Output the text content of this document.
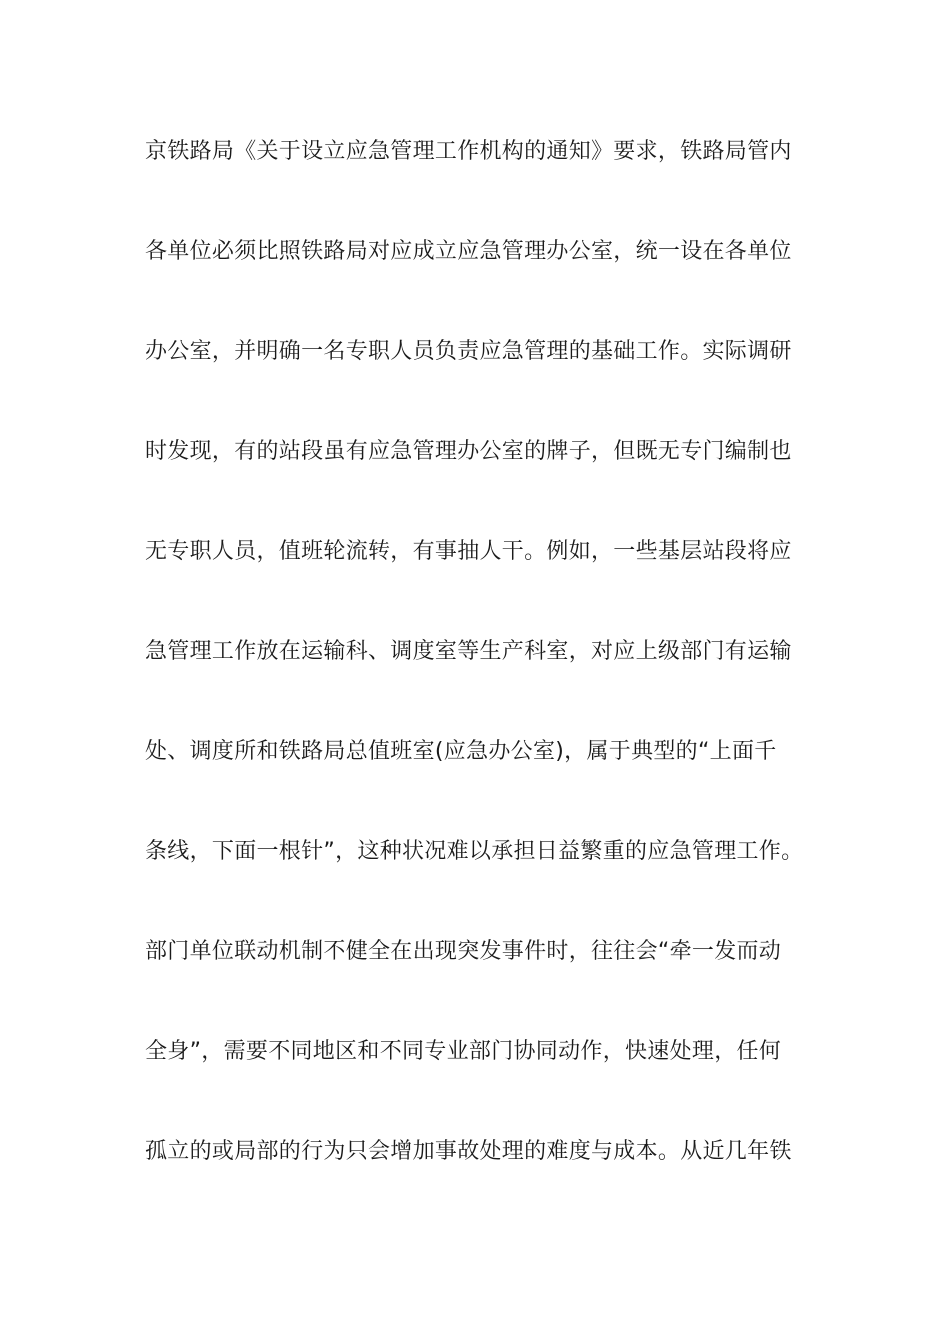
京铁路局《关于设立应急管理工作机构的通知》要求，铁路局管内
各单位必须比照铁路局对应成立应急管理办公室，统一设在各单位
办公室，并明确一名专职人员负责应急管理的基础工作。实际调研
时发现，有的站段虽有应急管理办公室的牌子，但既无专门编制也
无专职人员，值班轮流转，有事抽人干。例如，一些基层站段将应
急管理工作放在运输科、调度室等生产科室，对应上级部门有运输
处、调度所和铁路局总值班室(应急办公室)，属于典型的“上面千
条线，下面一根针”，这种状况难以承担日益繁重的应急管理工作。
部门单位联动机制不健全在出现突发事件时，往往会“牵一发而动
全身”，需要不同地区和不同专业部门协同动作，快速处理，任何
孤立的或局部的行为只会增加事故处理的难度与成本。从近几年铁
